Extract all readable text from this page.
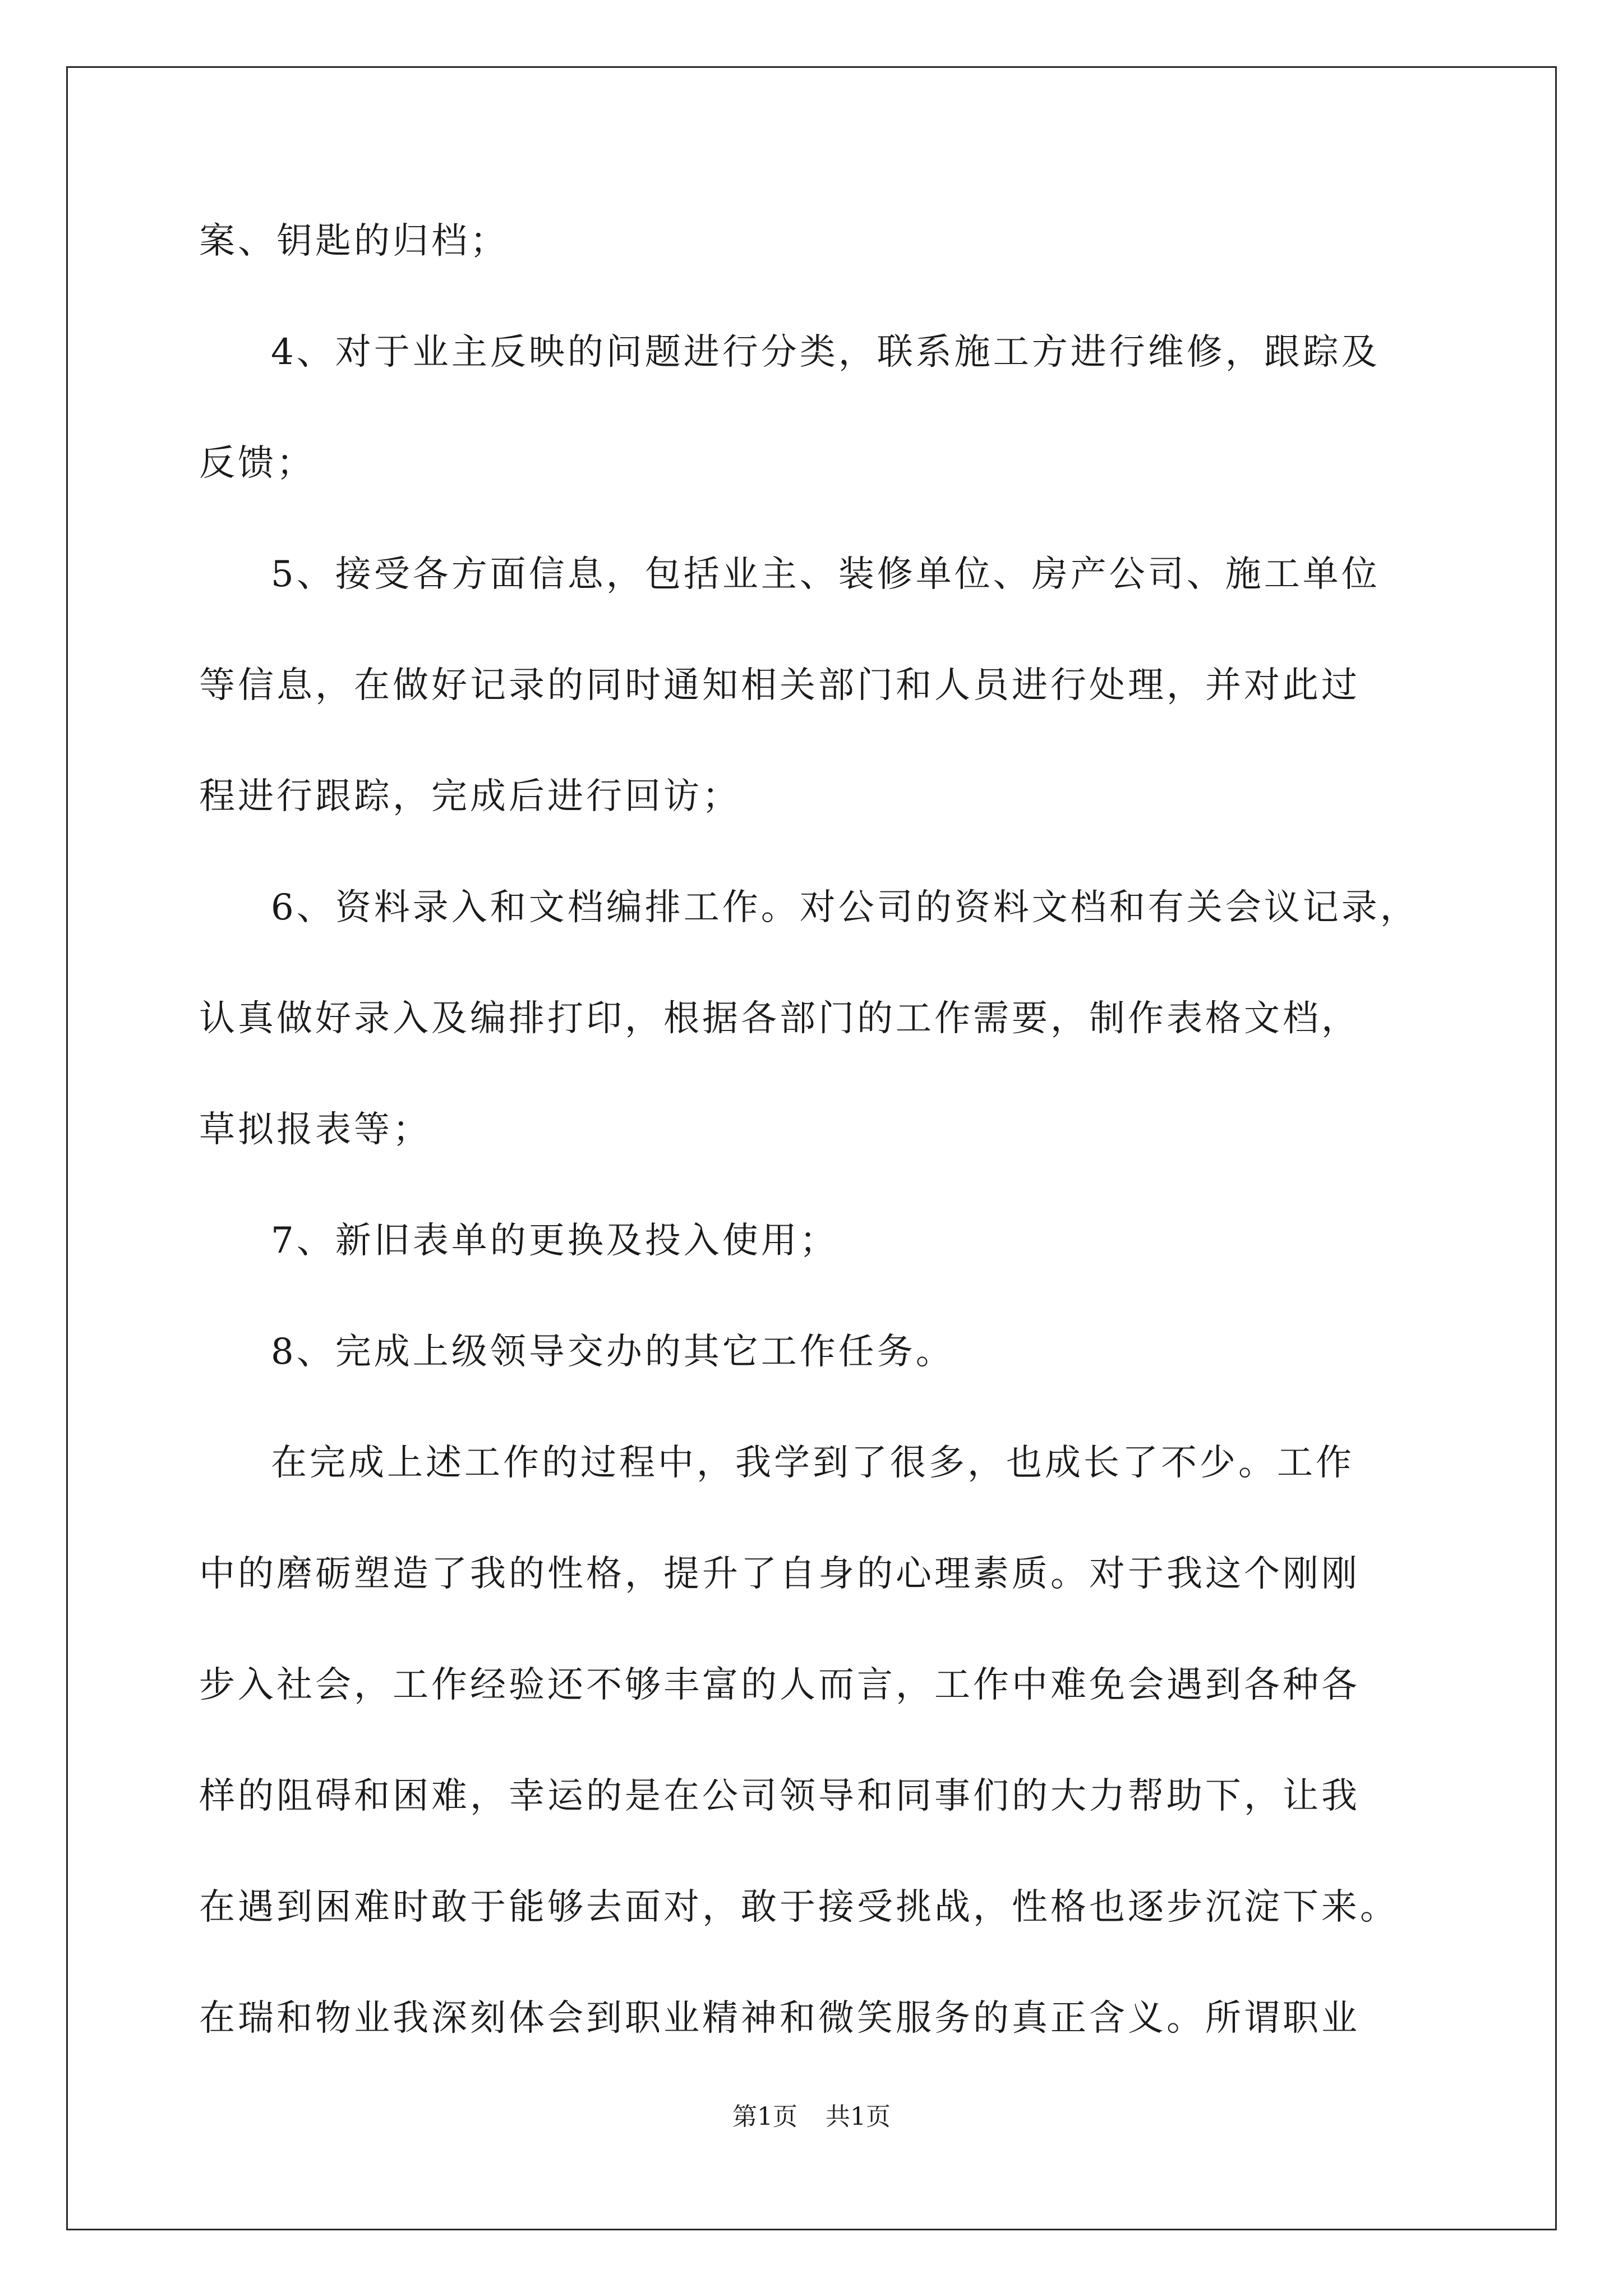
案、钥匙的归档；
4、对于业主反映的问题进行分类，联系施工方进行维修，跟踪及
反馈；
5、接受各方面信息，包括业主、装修单位、房产公司、施工单位
等信息，在做好记录的同时通知相关部门和人员进行处理，并对此过
程进行跟踪，完成后进行回访；
6、资料录入和文档编排工作。对公司的资料文档和有关会议记录，
认真做好录入及编排打印，根据各部门的工作需要，制作表格文档，
草拟报表等；
7、新旧表单的更换及投入使用；
8、完成上级领导交办的其它工作任务。
在完成上述工作的过程中，我学到了很多，也成长了不少。工作
中的磨砺塑造了我的性格，提升了自身的心理素质。对于我这个刚刚
步入社会，工作经验还不够丰富的人而言，工作中难免会遇到各种各
样的阻碍和困难，幸运的是在公司领导和同事们的大力帮助下，让我
在遇到困难时敢于能够去面对，敢于接受挑战，性格也逐步沉淀下来。
在瑞和物业我深刻体会到职业精神和微笑服务的真正含义。所谓职业
第1页 共1页
